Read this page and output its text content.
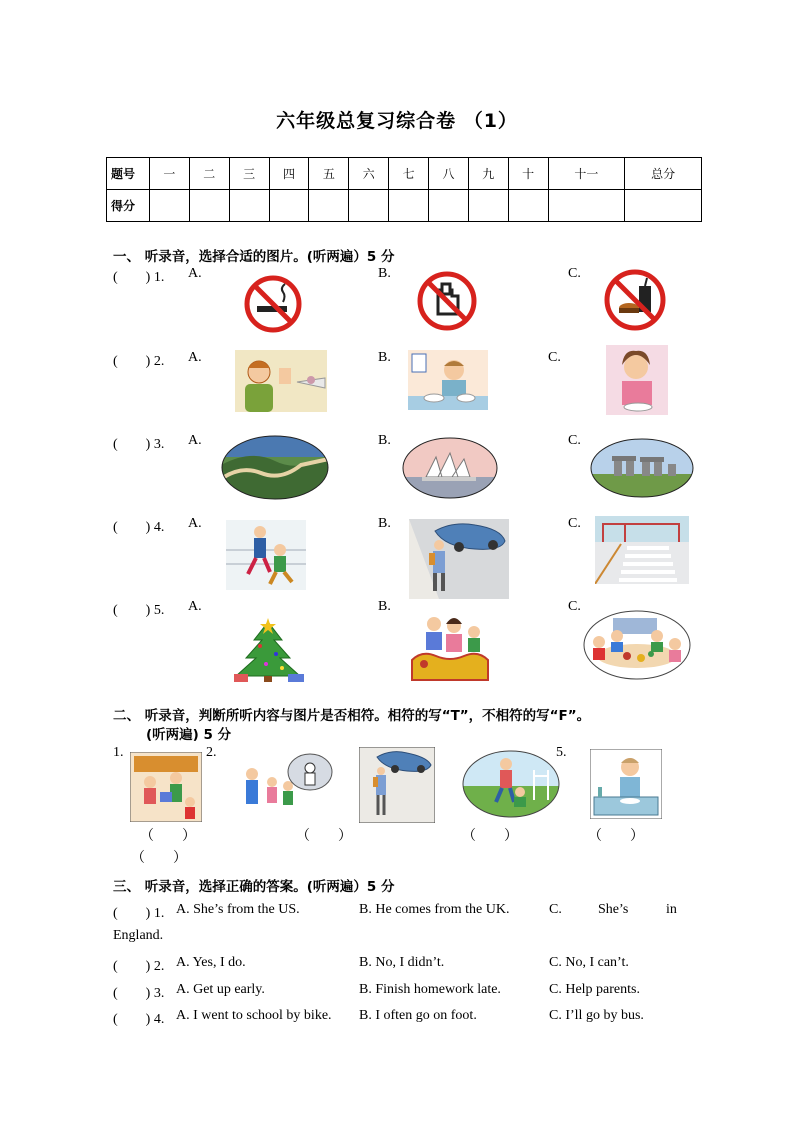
六年级总复习综合卷 （1）
题号	一	二	三	四	五	六	七	八	九	十	十一	总分
得分												
一、 听录音，选择合适的图片。(听两遍）5 分
(　　) 1. A.	B.	C.
(　　) 2. A.	B.	C.
(　　) 3. A.	B.	C.
(　　) 4. A.	B.	C.
(　　) 5. A.	B.	C.
二、 听录音，判断所听内容与图片是否相符。相符的写“T”，不相符的写“F”。
(听两遍) 5 分
1.	2.	5.
（　　）	（　　）	（　　）	（　　）
（　　）
三、 听录音，选择正确的答案。(听两遍）5 分
(　　) 1. A. She’s from the US.	B. He comes from the UK.	C.	She’s	in
England.
(　　) 2. A. Yes, I do.	B. No, I didn’t.	C. No, I can’t.
(　　) 3. A. Get up early.	B. Finish homework late.	C. Help parents.
(　　) 4. A. I went to school by bike. B. I often go on foot.	C. I’ll go by bus.
